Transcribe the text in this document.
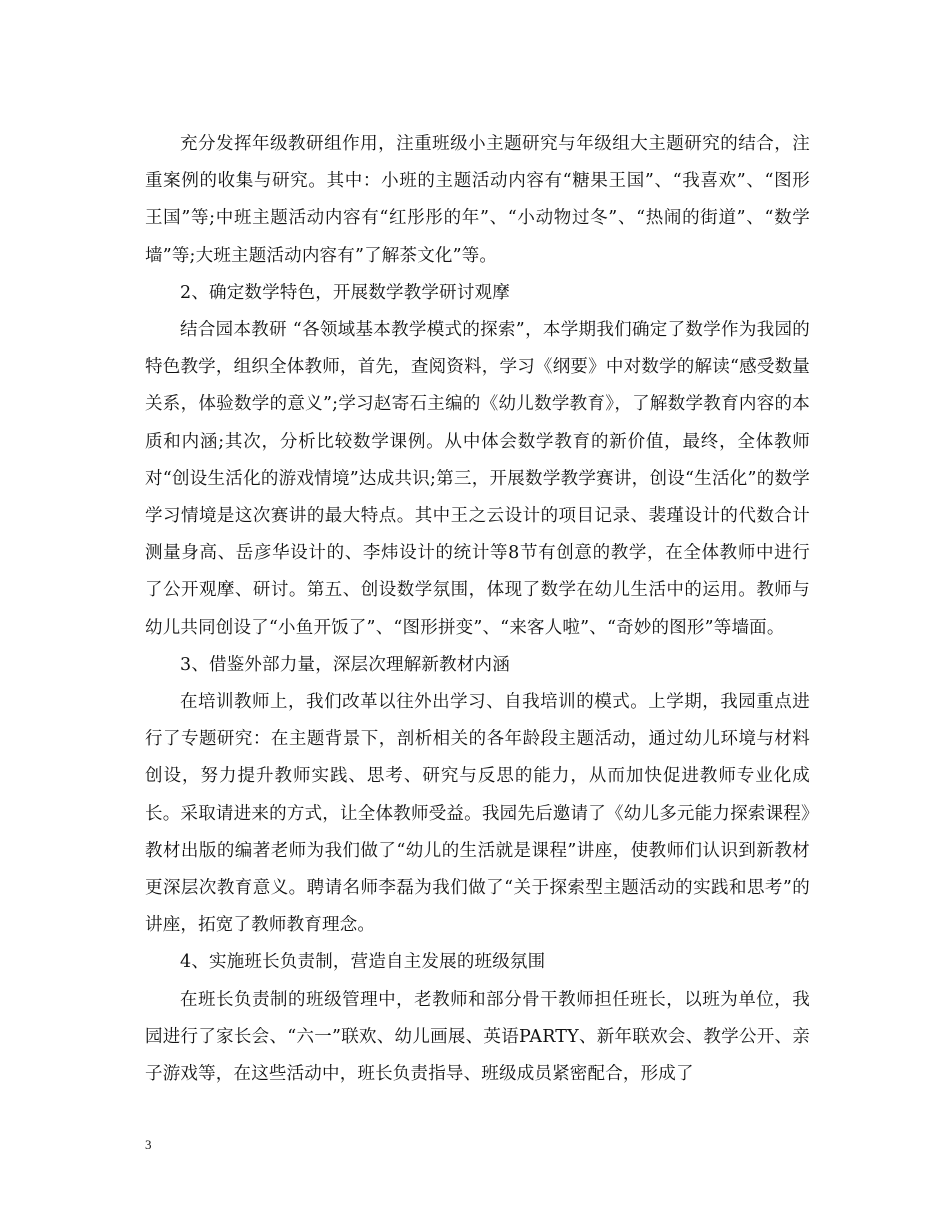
充分发挥年级教研组作用，注重班级小主题研究与年级组大主题研究的结合，注重案例的收集与研究。其中：小班的主题活动内容有“糖果王国”、“我喜欢”、“图形王国”等;中班主题活动内容有“红彤彤的年”、“小动物过冬”、“热闹的街道”、“数学墙”等;大班主题活动内容有”了解茶文化”等。

2、确定数学特色，开展数学教学研讨观摩

结合园本教研 “各领域基本教学模式的探索”，本学期我们确定了数学作为我园的特色教学，组织全体教师，首先，查阅资料，学习《纲要》中对数学的解读“感受数量关系，体验数学的意义”;学习赵寄石主编的《幼儿数学教育》，了解数学教育内容的本质和内涵;其次，分析比较数学课例。从中体会数学教育的新价值，最终，全体教师对“创设生活化的游戏情境”达成共识;第三，开展数学教学赛讲，创设“生活化”的数学学习情境是这次赛讲的最大特点。其中王之云设计的项目记录、裴瑾设计的代数合计测量身高、岳彦华设计的、李炜设计的统计等8节有创意的教学，在全体教师中进行了公开观摩、研讨。第五、创设数学氛围，体现了数学在幼儿生活中的运用。教师与幼儿共同创设了“小鱼开饭了”、“图形拼变”、“来客人啦”、“奇妙的图形”等墙面。

3、借鉴外部力量，深层次理解新教材内涵

在培训教师上，我们改革以往外出学习、自我培训的模式。上学期，我园重点进行了专题研究：在主题背景下，剖析相关的各年龄段主题活动，通过幼儿环境与材料创设，努力提升教师实践、思考、研究与反思的能力，从而加快促进教师专业化成长。采取请进来的方式，让全体教师受益。我园先后邀请了《幼儿多元能力探索课程》教材出版的编著老师为我们做了“幼儿的生活就是课程”讲座，使教师们认识到新教材更深层次教育意义。聘请名师李磊为我们做了“关于探索型主题活动的实践和思考”的讲座，拓宽了教师教育理念。

4、实施班长负责制，营造自主发展的班级氛围

在班长负责制的班级管理中，老教师和部分骨干教师担任班长，以班为单位，我园进行了家长会、“六一”联欢、幼儿画展、英语PARTY、新年联欢会、教学公开、亲子游戏等，在这些活动中，班长负责指导、班级成员紧密配合，形成了

3
